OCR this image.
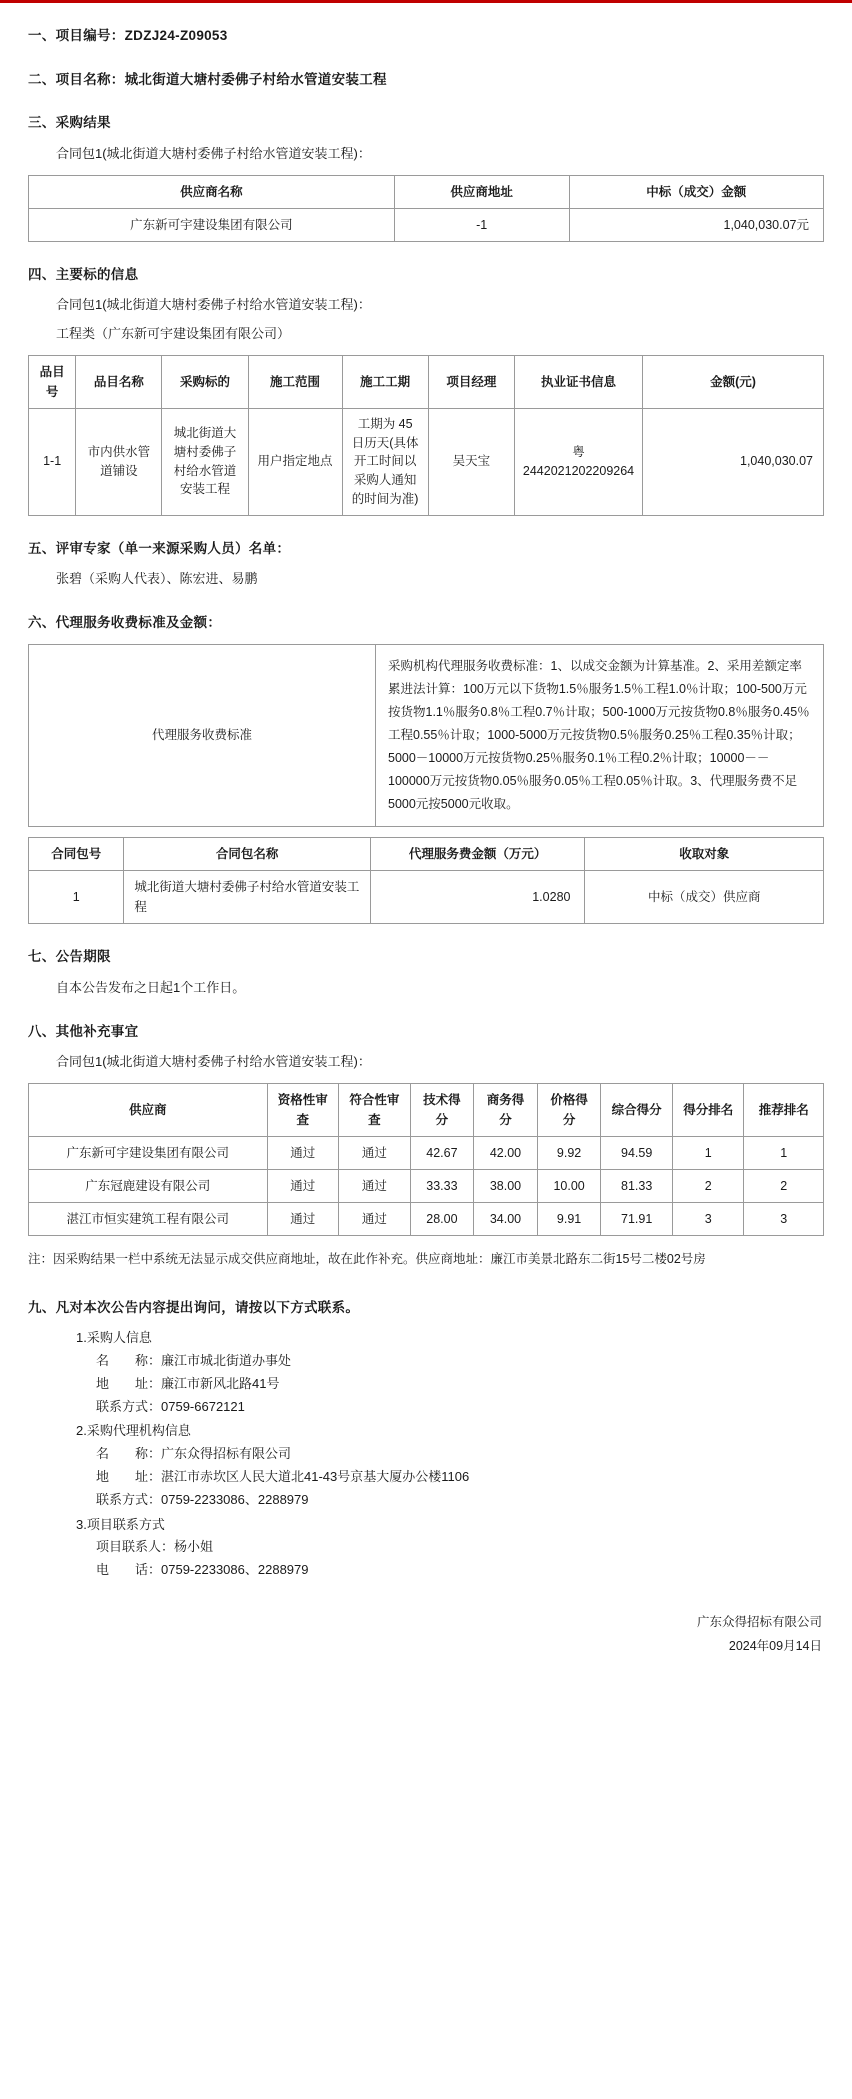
一、项目编号：ZDZJ24-Z09053
二、项目名称：城北街道大塘村委佛子村给水管道安装工程
三、采购结果
合同包1(城北街道大塘村委佛子村给水管道安装工程)：
供应商名称	供应商地址	中标（成交）金额
广东新可宇建设集团有限公司	-1	1,040,030.07元
四、主要标的信息
合同包1(城北街道大塘村委佛子村给水管道安装工程)：
工程类（广东新可宇建设集团有限公司）
品目号	品目名称	采购标的	施工范围	施工工期	项目经理	执业证书信息	金额(元)
1-1	市内供水管道铺设	城北街道大塘村委佛子村给水管道安装工程	用户指定地点	工期为 45 日历天(具体开工时间以采购人通知的时间为准)	吴天宝	粤2442021202209264	1,040,030.07
五、评审专家（单一来源采购人员）名单：
张碧（采购人代表）、陈宏进、易鹏
六、代理服务收费标准及金额：
代理服务收费标准	采购机构代理服务收费标准：1、以成交金额为计算基准。2、采用差额定率累进法计算：100万元以下货物1.5％服务1.5％工程1.0％计取；100-500万元按货物1.1％服务0.8％工程0.7％计取；500-1000万元按货物0.8％服务0.45％工程0.55％计取；1000-5000万元按货物0.5％服务0.25％工程0.35％计取；5000－10000万元按货物0.25％服务0.1％工程0.2％计取；10000－－100000万元按货物0.05％服务0.05％工程0.05％计取。3、代理服务费不足5000元按5000元收取。
合同包号	合同包名称	代理服务费金额（万元）	收取对象
1	城北街道大塘村委佛子村给水管道安装工程	1.0280	中标（成交）供应商
七、公告期限
自本公告发布之日起1个工作日。
八、其他补充事宜
合同包1(城北街道大塘村委佛子村给水管道安装工程)：
供应商	资格性审查	符合性审查	技术得分	商务得分	价格得分	综合得分	得分排名	推荐排名
广东新可宇建设集团有限公司	通过	通过	42.67	42.00	9.92	94.59	1	1
广东冠鹿建设有限公司	通过	通过	33.33	38.00	10.00	81.33	2	2
湛江市恒实建筑工程有限公司	通过	通过	28.00	34.00	9.91	71.91	3	3
注：因采购结果一栏中系统无法显示成交供应商地址，故在此作补充。供应商地址：廉江市美景北路东二街15号二楼02号房
九、凡对本次公告内容提出询问，请按以下方式联系。
1.采购人信息
名　　称：廉江市城北街道办事处
地　　址：廉江市新风北路41号
联系方式：0759-6672121
2.采购代理机构信息
名　　称：广东众得招标有限公司
地　　址：湛江市赤坎区人民大道北41-43号京基大厦办公楼1106
联系方式：0759-2233086、2288979
3.项目联系方式
项目联系人：杨小姐
电　　话：0759-2233086、2288979
广东众得招标有限公司
2024年09月14日
